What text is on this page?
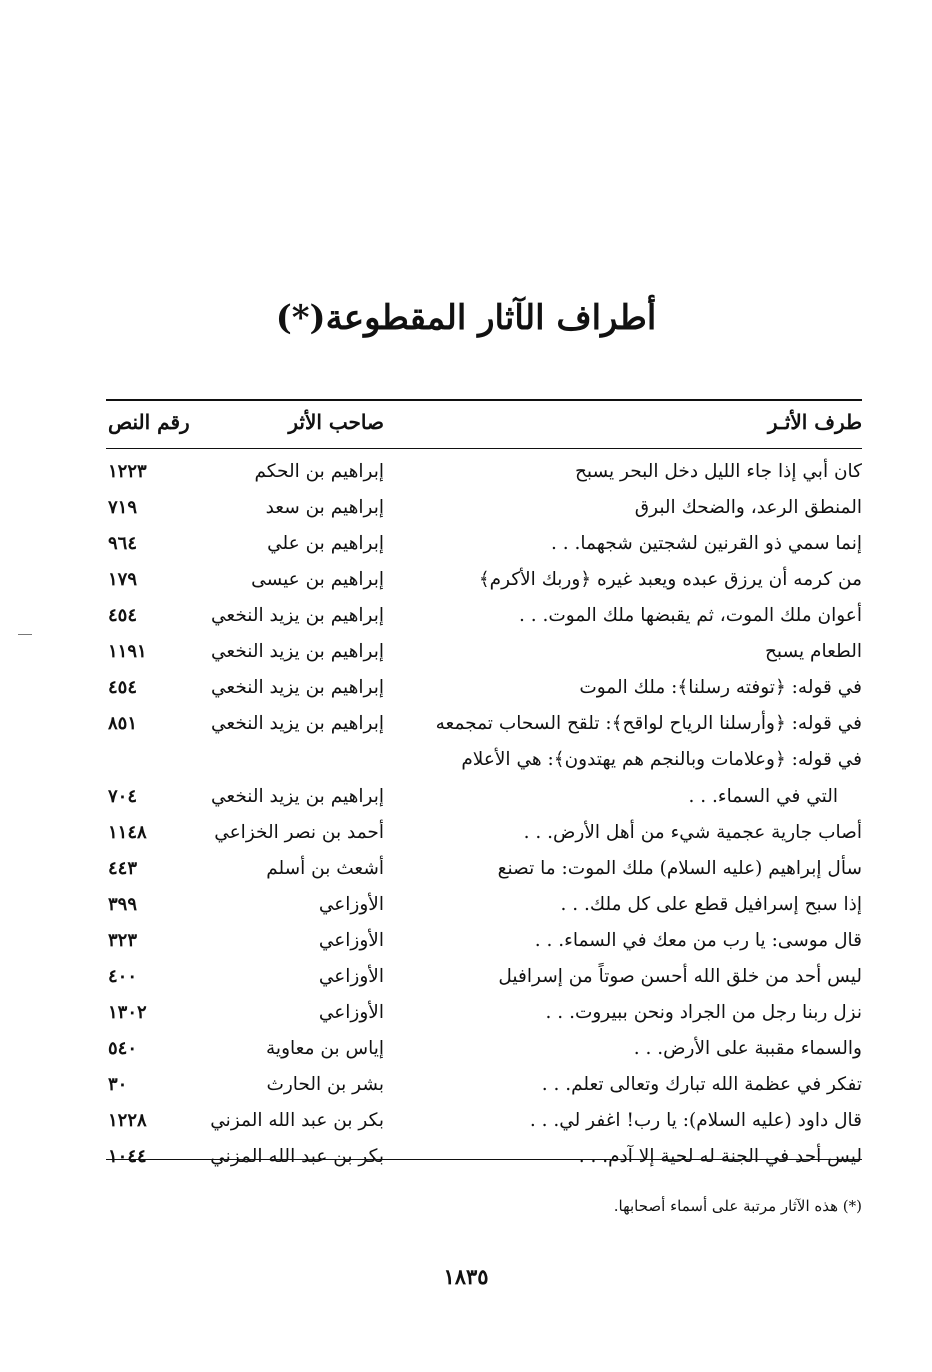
أطراف الآثار المقطوعة(*)
طرف الأثـر
صاحب الأثر
رقم النص
كان أبي إذا جاء الليل دخل البحر يسبح
إبراهيم بن الحكم
١٢٢٣
المنطق الرعد، والضحك البرق
إبراهيم بن سعد
٧١٩
إنما سمي ذو القرنين لشجتين شجهما. . .
إبراهيم بن علي
٩٦٤
من كرمه أن يرزق عبده ويعبد غيره ﴿وربك الأكرم﴾
إبراهيم بن عيسى
١٧٩
أعوان ملك الموت، ثم يقبضها ملك الموت. . .
إبراهيم بن يزيد النخعي
٤٥٤
الطعام يسبح
إبراهيم بن يزيد النخعي
١١٩١
في قوله: ﴿توفته رسلنا﴾: ملك الموت
إبراهيم بن يزيد النخعي
٤٥٤
في قوله: ﴿وأرسلنا الرياح لواقح﴾: تلقح السحاب تمجمعه
إبراهيم بن يزيد النخعي
٨٥١
في قوله: ﴿وعلامات وبالنجم هم يهتدون﴾: هي الأعلام
التي في السماء. . .
إبراهيم بن يزيد النخعي
٧٠٤
أصاب جارية عجمية شيء من أهل الأرض. . .
أحمد بن نصر الخزاعي
١١٤٨
سأل إبراهيم (عليه السلام) ملك الموت: ما تصنع
أشعث بن أسلم
٤٤٣
إذا سبح إسرافيل قطع على كل ملك. . .
الأوزاعي
٣٩٩
قال موسى: يا رب من معك في السماء. . .
الأوزاعي
٣٢٣
ليس أحد من خلق الله أحسن صوتاً من إسرافيل
الأوزاعي
٤٠٠
نزل ربنا رجل من الجراد ونحن ببيروت. . .
الأوزاعي
١٣٠٢
والسماء مقببة على الأرض. . .
إياس بن معاوية
٥٤٠
تفكر في عظمة الله تبارك وتعالى تعلم. . .
بشر بن الحارث
٣٠
قال داود (عليه السلام): يا رب! اغفر لي. . .
بكر بن عبد الله المزني
١٢٢٨
ليس أحد في الجنة له لحية إلا آدم. . .
بكر بن عبد الله المزني
١٠٤٤
(*) هذه الآثار مرتبة على أسماء أصحابها.
١٨٣٥
